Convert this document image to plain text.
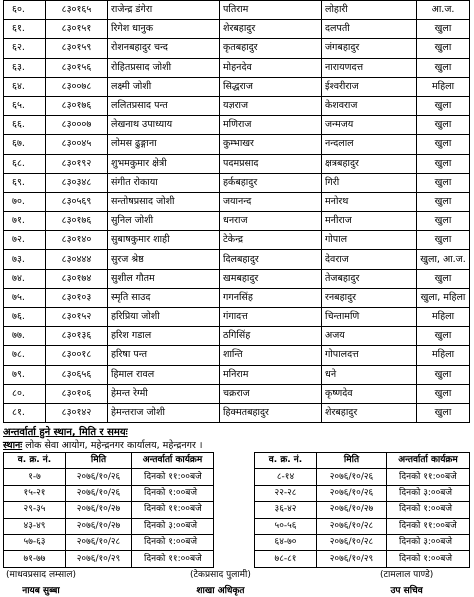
६०.	८३०१६५	राजेन्द्र डंगेरा	पतिराम	लोहारी	आ.ज.
६१.	८३०१५१	रिगेश धानुक	शेरबहादुर	दलपती	खुला
६२.	८३०१५९	रोशनबहादुर चन्द	कृतबहादुर	जंगबहादुर	खुला
६३.	८३०१५६	रोहितप्रसाद जोशी	मोहनदेव	नारायणदत्त	खुला
६४.	८३००७८	लक्ष्मी जोशी	सिद्धराज	ईश्वरीराज	महिला
६५.	८३०१७६	ललितप्रसाद पन्त	यज्ञराज	केशवराज	खुला
६६.	८३०००७	लेखनाथ उपाध्याय	मणिराज	जन्मजय	खुला
६७.	८३००४५	लोमस ढुङ्गाना	कुम्भाखर	नन्दलाल	खुला
६८.	८३०१९२	शुभमकुमार क्षेत्री	पदमप्रसाद	क्षत्रबहादुर	खुला
६९.	८३०३४८	संगीत रोकाया	हर्कबहादुर	गिरी	खुला
७०.	८३०५६९	सन्तोषप्रसाद जोशी	जयानन्द	मनोरथ	खुला
७१.	८३०१७६	सुनिल जोशी	धनराज	मनीराज	खुला
७२.	८३०१४०	सुबाषकुमार शाही	टेकेन्द्र	गोपाल	खुला
७३.	८३०४४४	सुरज श्रेष्ठ	दिलबहादुर	देवराज	खुला, आ.ज.
७४.	८३०१७४	सुशील गौतम	खमबहादुर	तेजबहादुर	खुला
७५.	८३०१०३	स्मृति साउद	गगनसिंह	रनबहादुर	खुला, महिला
७६.	८३०१५२	हरिप्रिया जोशी	गंगादत्त	चिन्तामणि	महिला
७७.	८३०१३६	हरिश गडाल	ठगिसिंह	अजय	खुला
७८.	८३००१८	हरिषा पन्त	शान्ति	गोपालदत्त	महिला
७९.	८३०६५६	हिमाल रावल	मनिराम	धने	खुला
८०.	८३०१०६	हेमन्त रेग्मी	चक्रराज	कृष्णदेव	खुला
८१.	८३०१४२	हेमन्तराज जोशी	हिक्मतबहादुर	शेरबहादुर	खुला
अन्तर्वार्ता हुने स्थान, मिति र समयः
स्थानः लोक सेवा आयोग, महेन्द्रनगर कार्यालय, महेन्द्रनगर ।
व. क्र. नं.	मिति	अन्तर्वार्ता कार्यक्रम
१-७	२०७६/१०/२६	दिनको ११:००बजे
१५-२१	२०७६/१०/२६	दिनको १:००बजे
२९-३५	२०७६/१०/२७	दिनको ११:००बजे
४३-४९	२०७६/१०/२७	दिनको ३:००बजे
५७-६३	२०७६/१०/२८	दिनको १:००बजे
७१-७७	२०७६/१०/२९	दिनको ११:००बजे
व. क्र. नं.	मिति	अन्तर्वार्ता कार्यक्रम
८-१४	२०७६/१०/२६	दिनको ११:००बजे
२२-२८	२०७६/१०/२६	दिनको ३:००बजे
३६-४२	२०७६/१०/२७	दिनको १:००बजे
५०-५६	२०७६/१०/२८	दिनको ११:००बजे
६४-७०	२०७६/१०/२८	दिनको ३:००बजे
७८-८१	२०७६/१०/२९	दिनको १:००बजे
(माधवप्रसाद लम्साल)
नायब सुब्बा
(टेकप्रसाद पुलामी)
शाखा अधिकृत
(टामलाल पाण्डे)
उप सचिव
